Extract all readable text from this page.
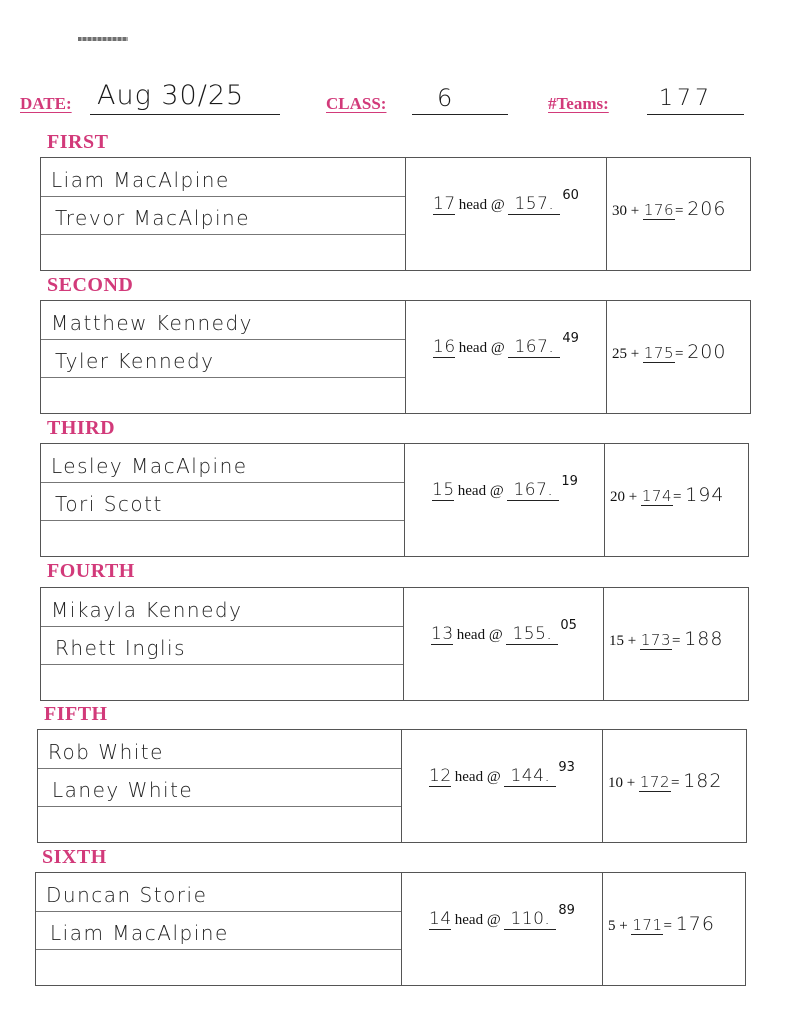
DATE: Aug 30/25	CLASS: 6	#Teams: 177
FIRST
Liam MacAlpine
Trevor MacAlpine
17 head @ 157. 60
30 + 176= 206
SECOND
Matthew Kennedy
Tyler Kennedy
16 head @ 167. 49
25 + 175= 200
THIRD
Lesley MacAlpine
Tori Scott
15 head @ 167. 19
20 + 174= 194
FOURTH
Mikayla Kennedy
Rhett Inglis
13 head @ 155. 05
15 + 173= 188
FIFTH
Rob White
Laney White
12 head @ 144. 93
10 + 172= 182
SIXTH
Duncan Storie
Liam MacAlpine
14 head @ 110. 89
5 + 171= 176
